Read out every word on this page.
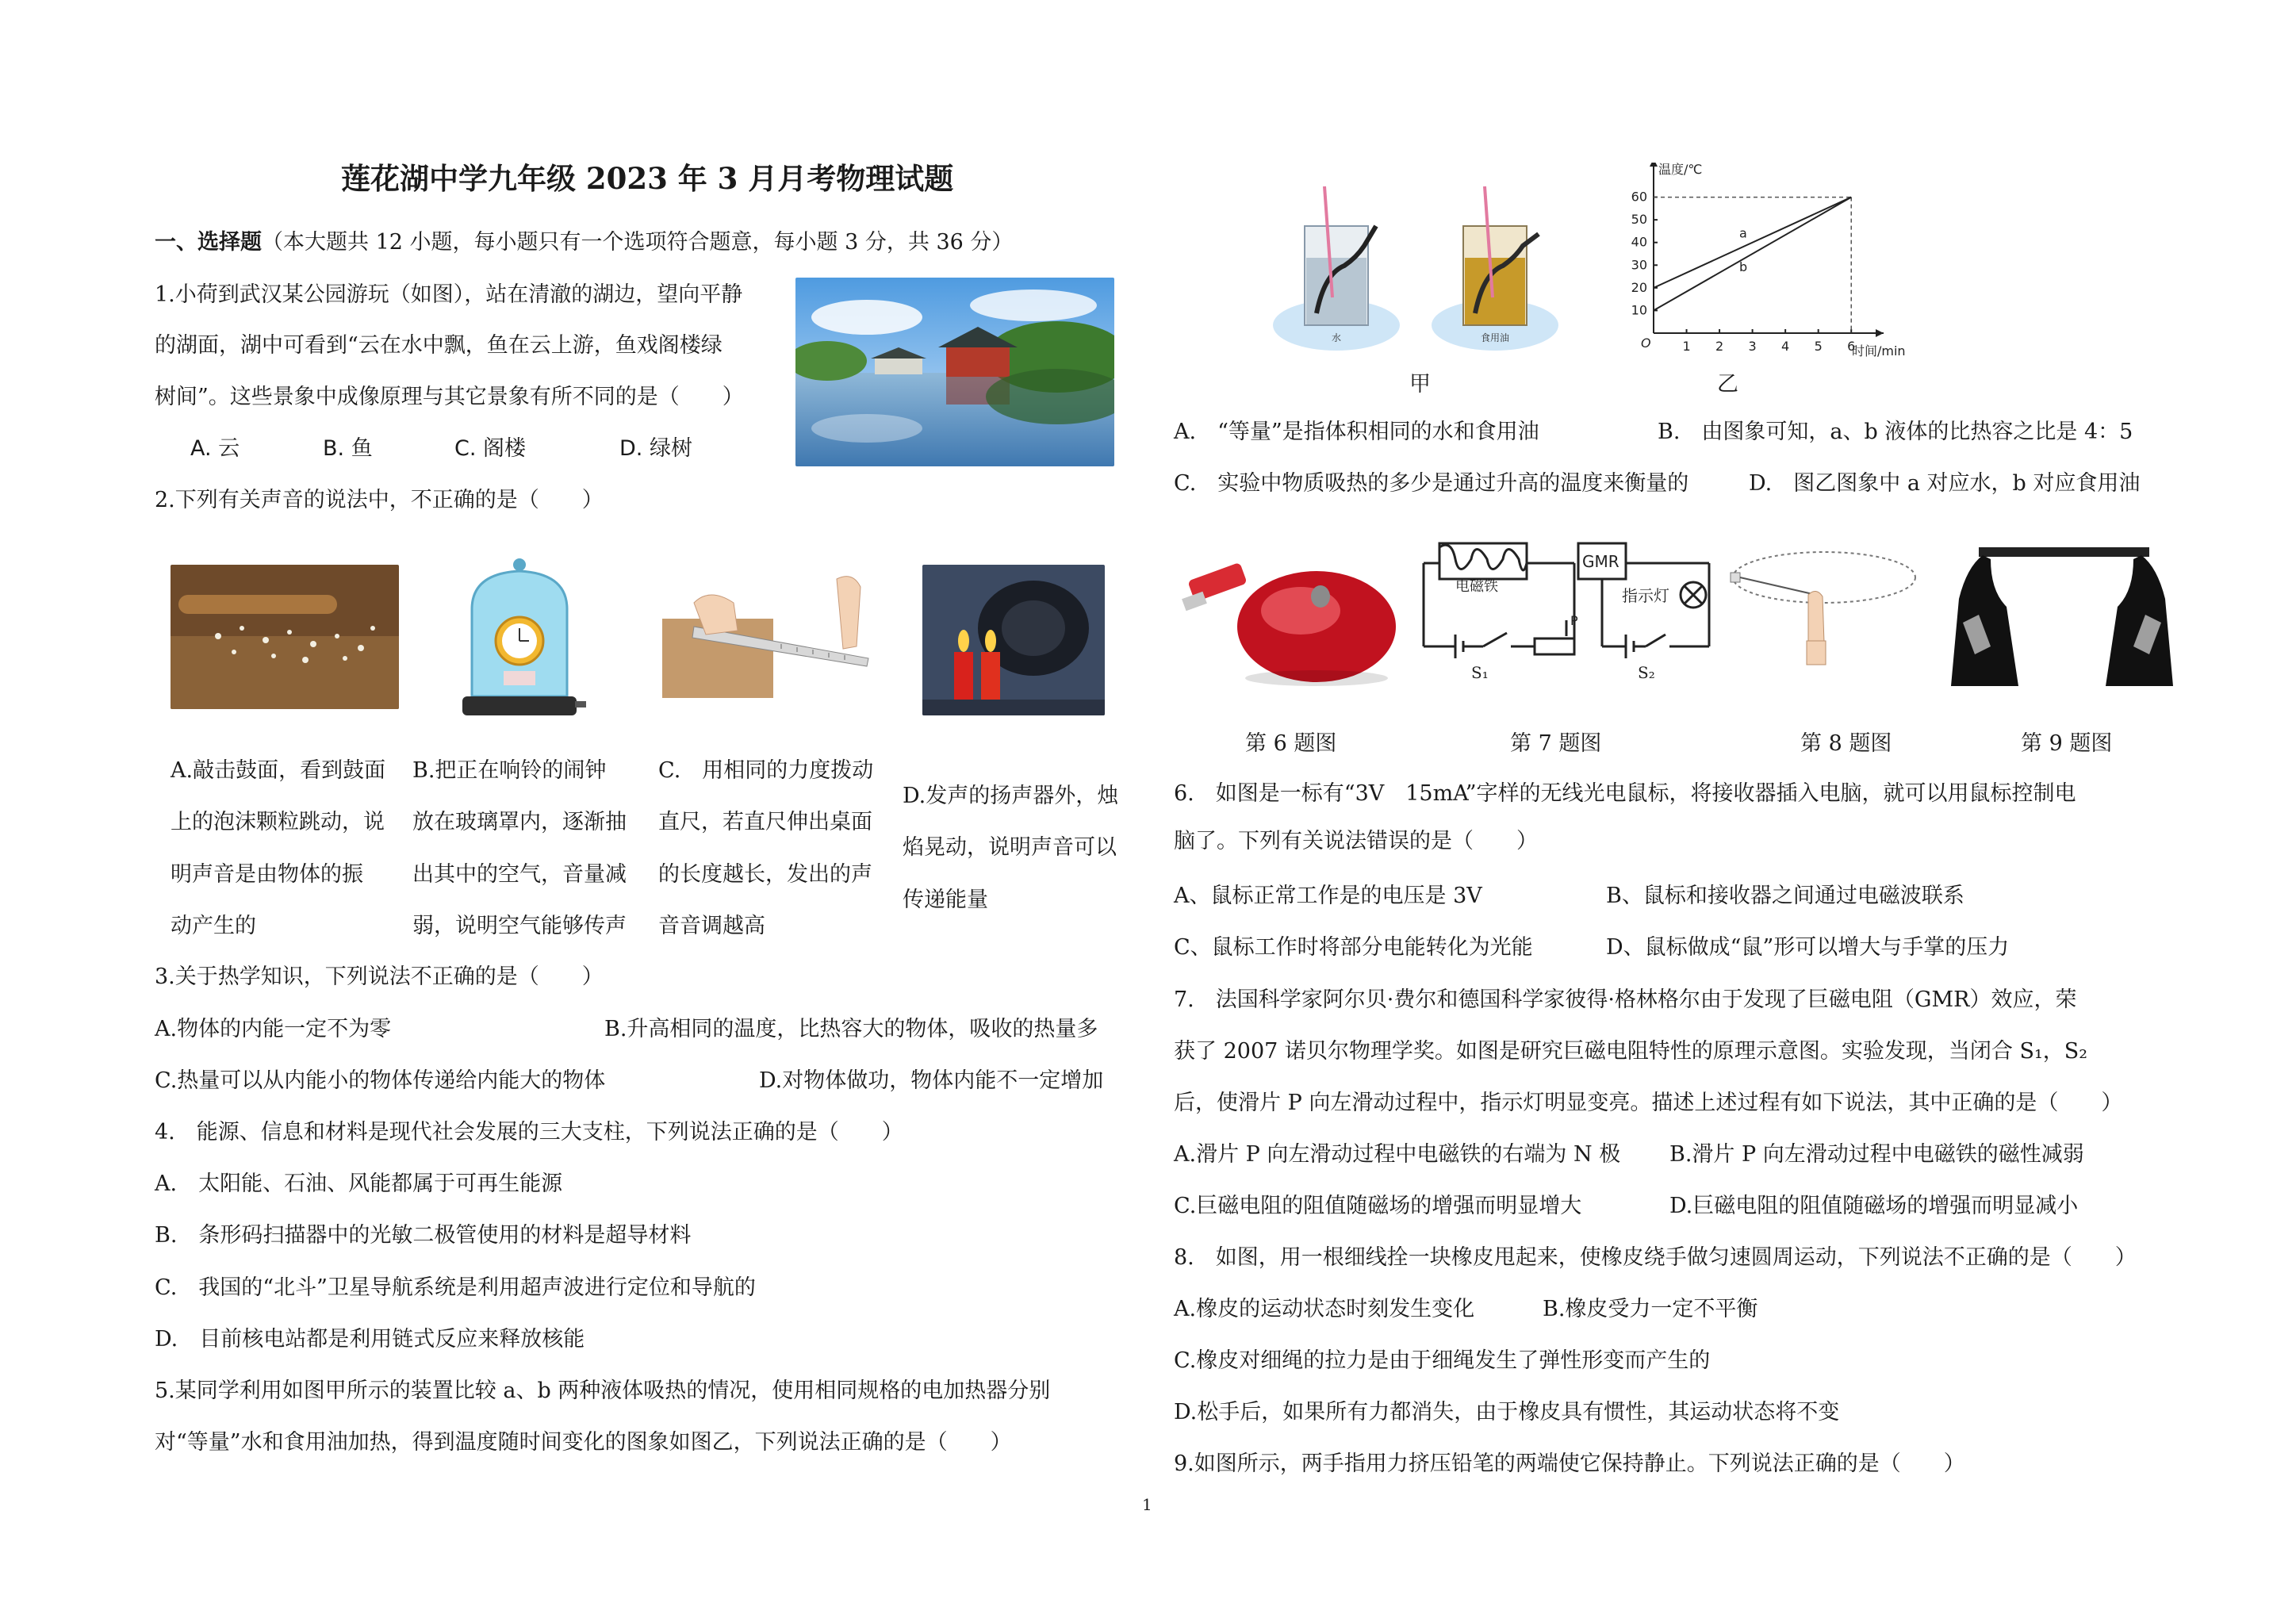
莲花湖中学九年级 2023 年 3 月月考物理试题
一、选择题（本大题共 12 小题，每小题只有一个选项符合题意，每小题 3 分，共 36 分）
1.小荷到武汉某公园游玩（如图），站在清澈的湖边，望向平静
的湖面，湖中可看到“云在水中飘，鱼在云上游，鱼戏阁楼绿
树间”。这些景象中成像原理与其它景象有所不同的是（　　）
A. 云	B. 鱼	C. 阁楼	D. 绿树
2.下列有关声音的说法中，不正确的是（　　）
A.敲击鼓面，看到鼓面
上的泡沫颗粒跳动，说
明声音是由物体的振
动产生的
B.把正在响铃的闹钟
放在玻璃罩内，逐渐抽
出其中的空气，音量减
弱，说明空气能够传声
C.　用相同的力度拨动
直尺，若直尺伸出桌面
的长度越长，发出的声
音音调越高
D.发声的扬声器外，烛
焰晃动，说明声音可以
传递能量
3.关于热学知识，下列说法不正确的是（　　）
A.物体的内能一定不为零	B.升高相同的温度，比热容大的物体，吸收的热量多
C.热量可以从内能小的物体传递给内能大的物体	D.对物体做功，物体内能不一定增加
4.　能源、信息和材料是现代社会发展的三大支柱，下列说法正确的是（　　）
A.　太阳能、石油、风能都属于可再生能源
B.　条形码扫描器中的光敏二极管使用的材料是超导材料
C.　我国的“北斗”卫星导航系统是利用超声波进行定位和导航的
D.　目前核电站都是利用链式反应来释放核能
5.某同学利用如图甲所示的装置比较 a、b 两种液体吸热的情况，使用相同规格的电加热器分别
对“等量”水和食用油加热，得到温度随时间变化的图象如图乙，下列说法正确的是（　　）
水	食用油
甲
1 2 3 4 5 6
10
20
30
40
50
60
a
b
温度/℃
时间/min
O
乙
A.　“等量”是指体积相同的水和食用油	B.　由图象可知，a、b 液体的比热容之比是 4：5
C.　实验中物质吸热的多少是通过升高的温度来衡量的	D.　图乙图象中 a 对应水，b 对应食用油
电磁铁
GMR
指示灯
P
S₁	S₂
第 6 题图	第 7 题图	第 8 题图	第 9 题图
6.　如图是一标有“3V　15mA”字样的无线光电鼠标，将接收器插入电脑，就可以用鼠标控制电
脑了。下列有关说法错误的是（　　）
A、鼠标正常工作是的电压是 3V	B、鼠标和接收器之间通过电磁波联系
C、鼠标工作时将部分电能转化为光能	D、鼠标做成“鼠”形可以增大与手掌的压力
7.　法国科学家阿尔贝·费尔和德国科学家彼得·格林格尔由于发现了巨磁电阻（GMR）效应，荣
获了 2007 诺贝尔物理学奖。如图是研究巨磁电阻特性的原理示意图。实验发现，当闭合 S₁，S₂
后，使滑片 P 向左滑动过程中，指示灯明显变亮。描述上述过程有如下说法，其中正确的是（　　）
A.滑片 P 向左滑动过程中电磁铁的右端为 N 极 B.滑片 P 向左滑动过程中电磁铁的磁性减弱
C.巨磁电阻的阻值随磁场的增强而明显增大	D.巨磁电阻的阻值随磁场的增强而明显减小
8.　如图，用一根细线拴一块橡皮甩起来，使橡皮绕手做匀速圆周运动，下列说法不正确的是（　　）
A.橡皮的运动状态时刻发生变化	B.橡皮受力一定不平衡
C.橡皮对细绳的拉力是由于细绳发生了弹性形变而产生的
D.松手后，如果所有力都消失，由于橡皮具有惯性，其运动状态将不变
9.如图所示，两手指用力挤压铅笔的两端使它保持静止。下列说法正确的是（　　）
1
